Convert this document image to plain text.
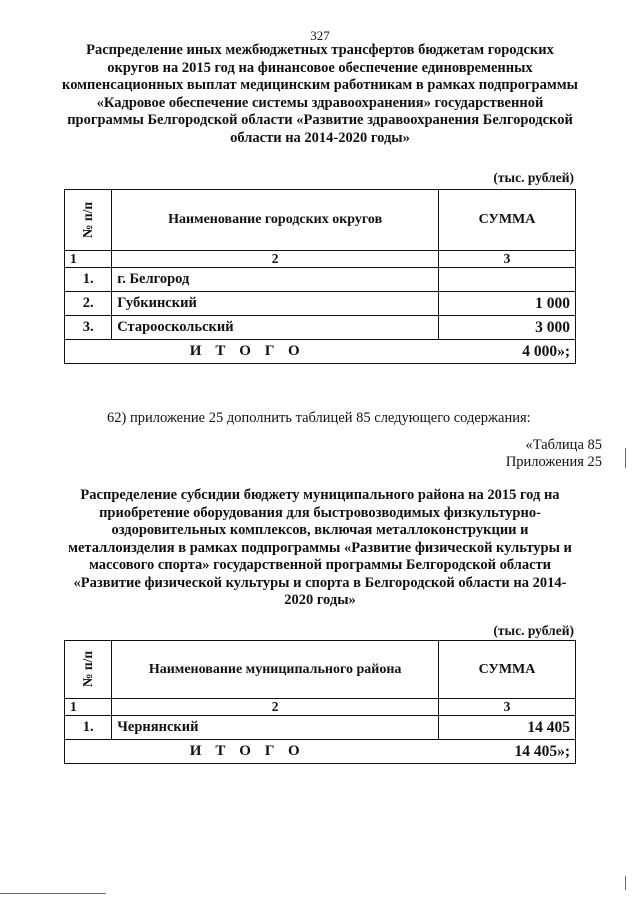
327
Распределение иных межбюджетных трансфертов бюджетам городских округов на 2015 год на финансовое обеспечение единовременных компенсационных выплат медицинским работникам в рамках подпрограммы «Кадровое обеспечение системы здравоохранения» государственной программы Белгородской области «Развитие здравоохранения Белгородской области на 2014-2020 годы»
(тыс. рублей)
№ п/п	Наименование городских округов	СУММА
1	2	3
1.	г. Белгород	
2.	Губкинский	1 000
3.	Старооскольский	3 000
ИТОГО		4 000»;
62) приложение 25 дополнить таблицей 85 следующего содержания:
«Таблица 85
Приложения 25
Распределение субсидии бюджету муниципального района на 2015 год на приобретение оборудования для быстровозводимых физкультурно-оздоровительных комплексов, включая металлоконструкции и металлоизделия в рамках подпрограммы «Развитие физической культуры и массового спорта» государственной программы Белгородской области «Развитие физической культуры и спорта в Белгородской области на 2014-2020 годы»
(тыс. рублей)
№ п/п	Наименование муниципального района	СУММА
1	2	3
1.	Чернянский	14 405
ИТОГО		14 405»;
